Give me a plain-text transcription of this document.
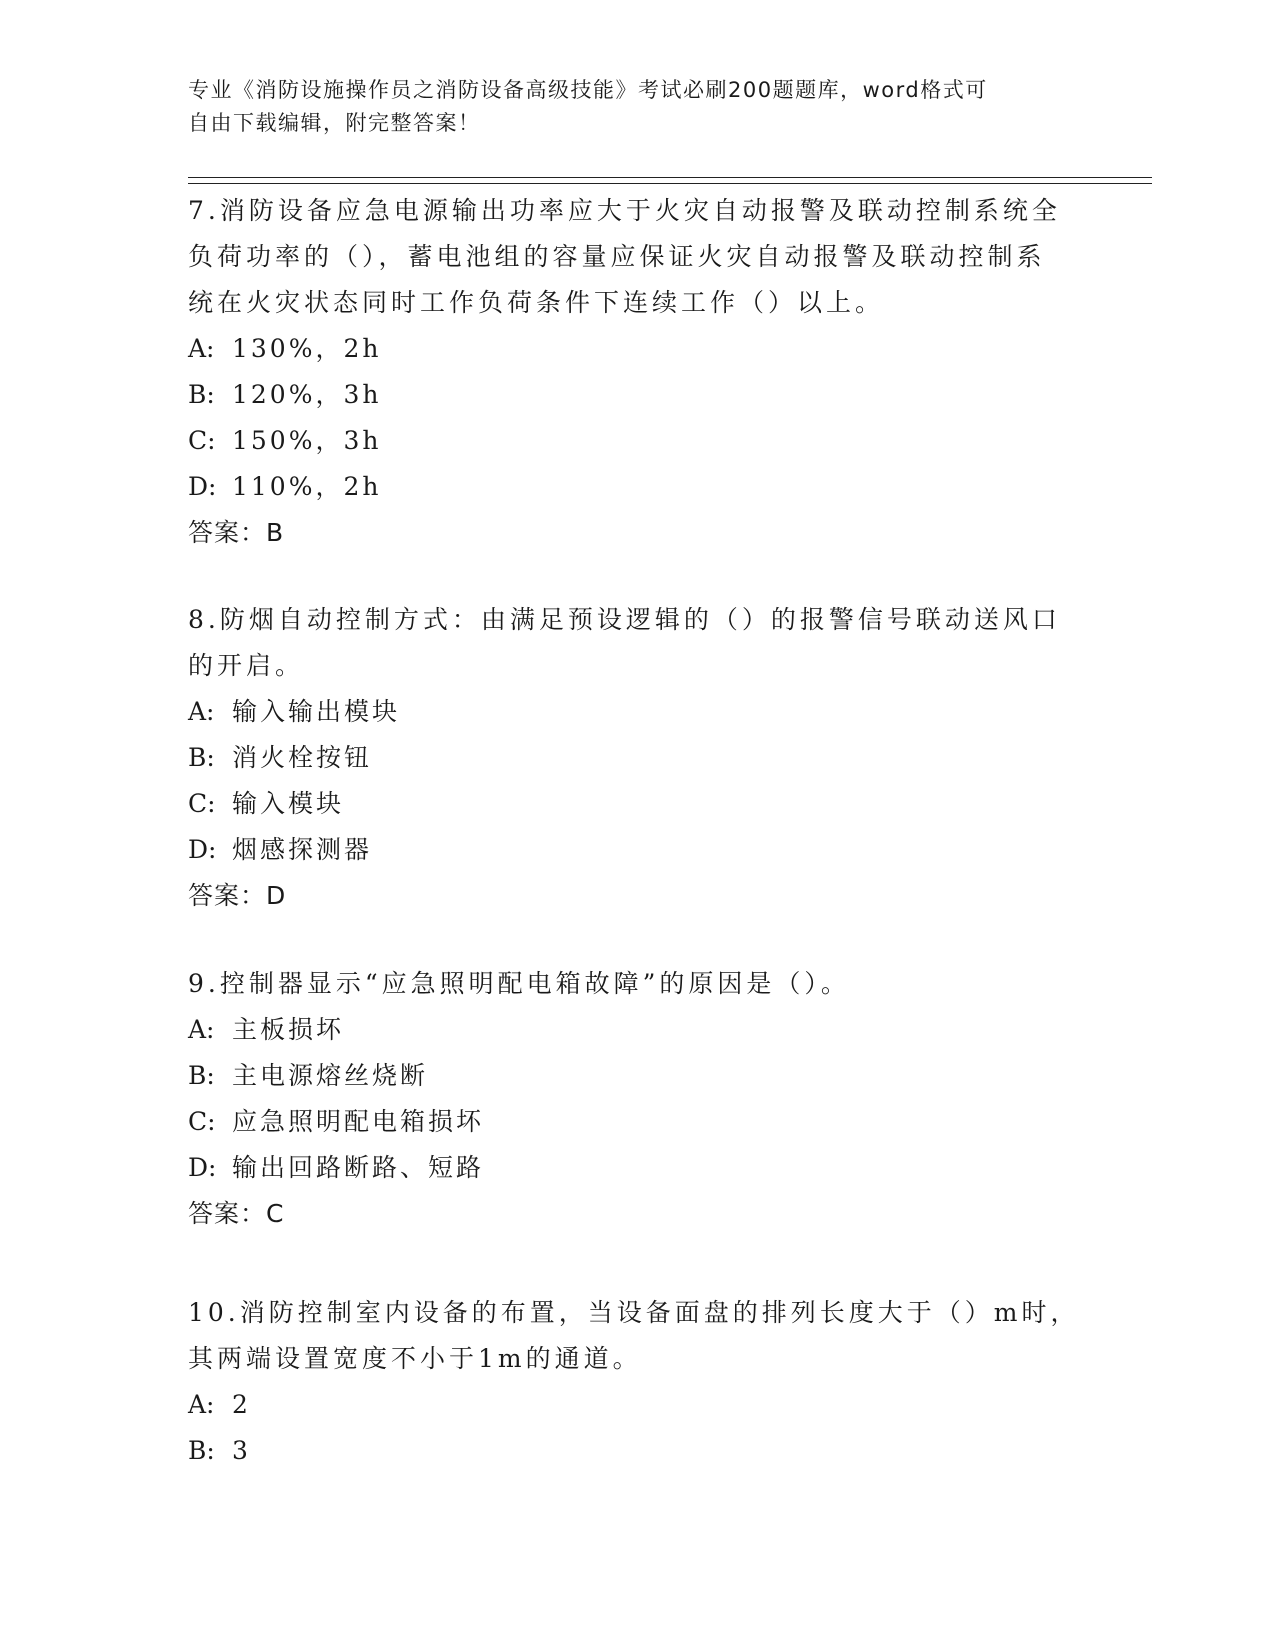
专业《消防设施操作员之消防设备高级技能》考试必刷200题题库，word格式可
自由下载编辑，附完整答案！
7.消防设备应急电源输出功率应大于火灾自动报警及联动控制系统全
负荷功率的（），蓄电池组的容量应保证火灾自动报警及联动控制系
统在火灾状态同时工作负荷条件下连续工作（）以上。
A: 130%，2h
B: 120%，3h
C: 150%，3h
D: 110%，2h
答案：B
8.防烟自动控制方式：由满足预设逻辑的（）的报警信号联动送风口
的开启。
A: 输入输出模块
B: 消火栓按钮
C: 输入模块
D: 烟感探测器
答案：D
9.控制器显示“应急照明配电箱故障”的原因是（）。
A: 主板损坏
B: 主电源熔丝烧断
C: 应急照明配电箱损坏
D: 输出回路断路、短路
答案：C
10.消防控制室内设备的布置，当设备面盘的排列长度大于（）m时，
其两端设置宽度不小于1m的通道。
A: 2
B: 3
